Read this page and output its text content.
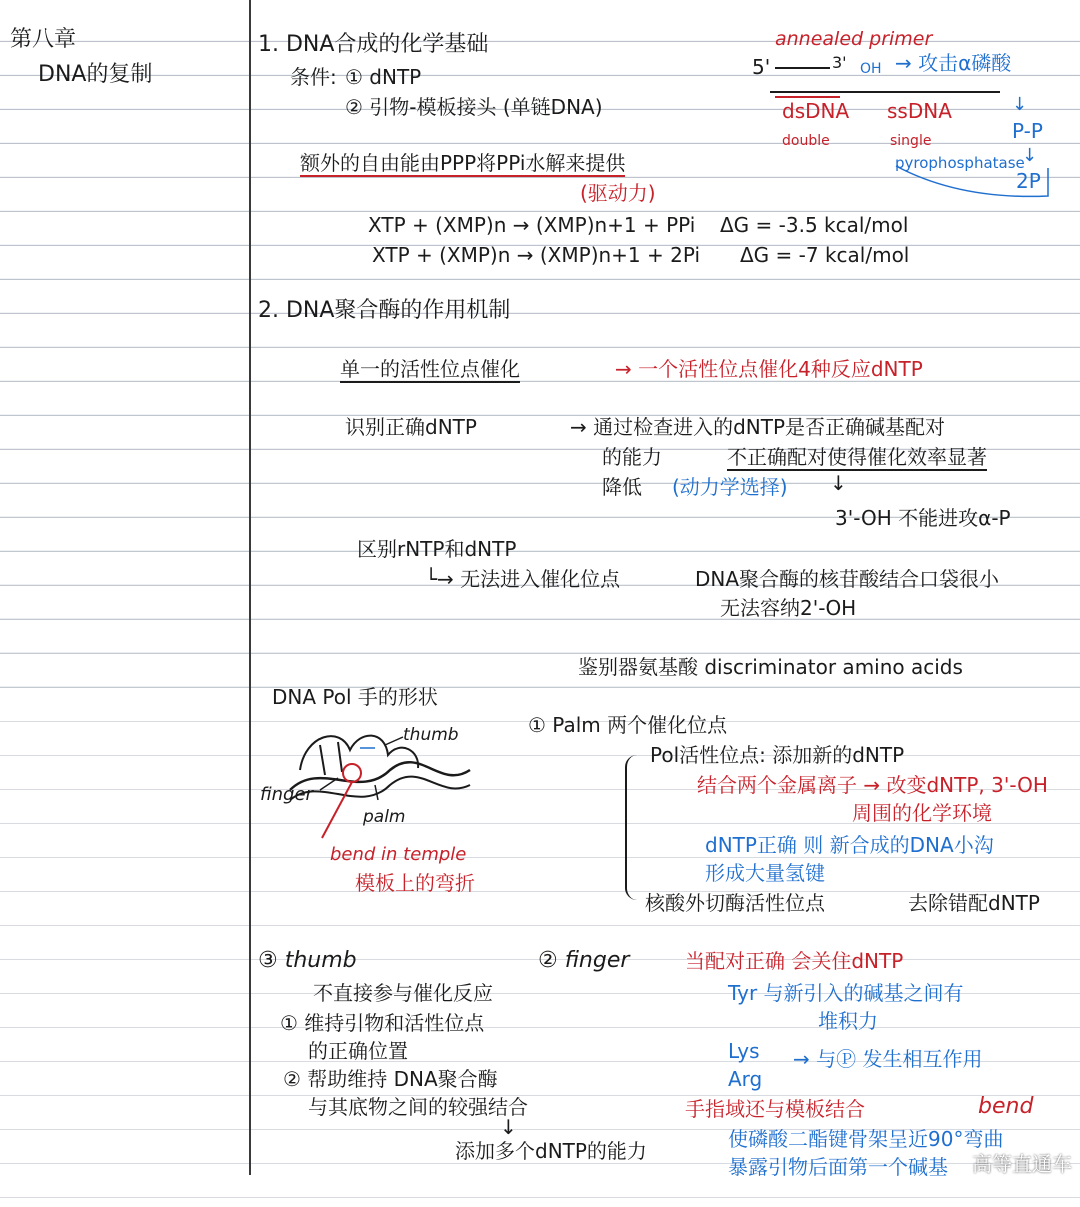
第八章
DNA的复制
1. DNA合成的化学基础
条件: ① dNTP
② 引物-模板接头 (单链DNA)
额外的自由能由PPP将PPi水解来提供
(驱动力)
XTP + (XMP)n → (XMP)n+1 + PPi ΔG = -3.5 kcal/mol
XTP + (XMP)n → (XMP)n+1 + 2Pi ΔG = -7 kcal/mol
annealed primer
5'	3' OH → 攻击α磷酸
dsDNA
double
ssDNA
single
↓
P-P
pyrophosphatase
↓
2P
2. DNA聚合酶的作用机制
单一的活性位点催化	→ 一个活性位点催化4种反应dNTP
识别正确dNTP	→ 通过检查进入的dNTP是否正确碱基配对
的能力	不正确配对使得催化效率显著
降低 (动力学选择) ↓
3'-OH 不能进攻α-P
区别rNTP和dNTP
└→ 无法进入催化位点	DNA聚合酶的核苷酸结合口袋很小
无法容纳2'-OH
鉴别器氨基酸 discriminator amino acids
DNA Pol 手的形状
thumb
finger
palm
bend in temple
模板上的弯折
① Palm 两个催化位点
Pol活性位点: 添加新的dNTP
结合两个金属离子 → 改变dNTP, 3'-OH
周围的化学环境
dNTP正确 则 新合成的DNA小沟
形成大量氢键
核酸外切酶活性位点	去除错配dNTP
③ thumb
不直接参与催化反应
① 维持引物和活性位点
的正确位置
② 帮助维持 DNA聚合酶
与其底物之间的较强结合
↓
添加多个dNTP的能力
② finger	当配对正确 会关住dNTP
Tyr 与新引入的碱基之间有
堆积力
Lys
Arg
→ 与Ⓟ 发生相互作用
手指域还与模板结合	bend
使磷酸二酯键骨架呈近90°弯曲
暴露引物后面第一个碱基 高等直通车
